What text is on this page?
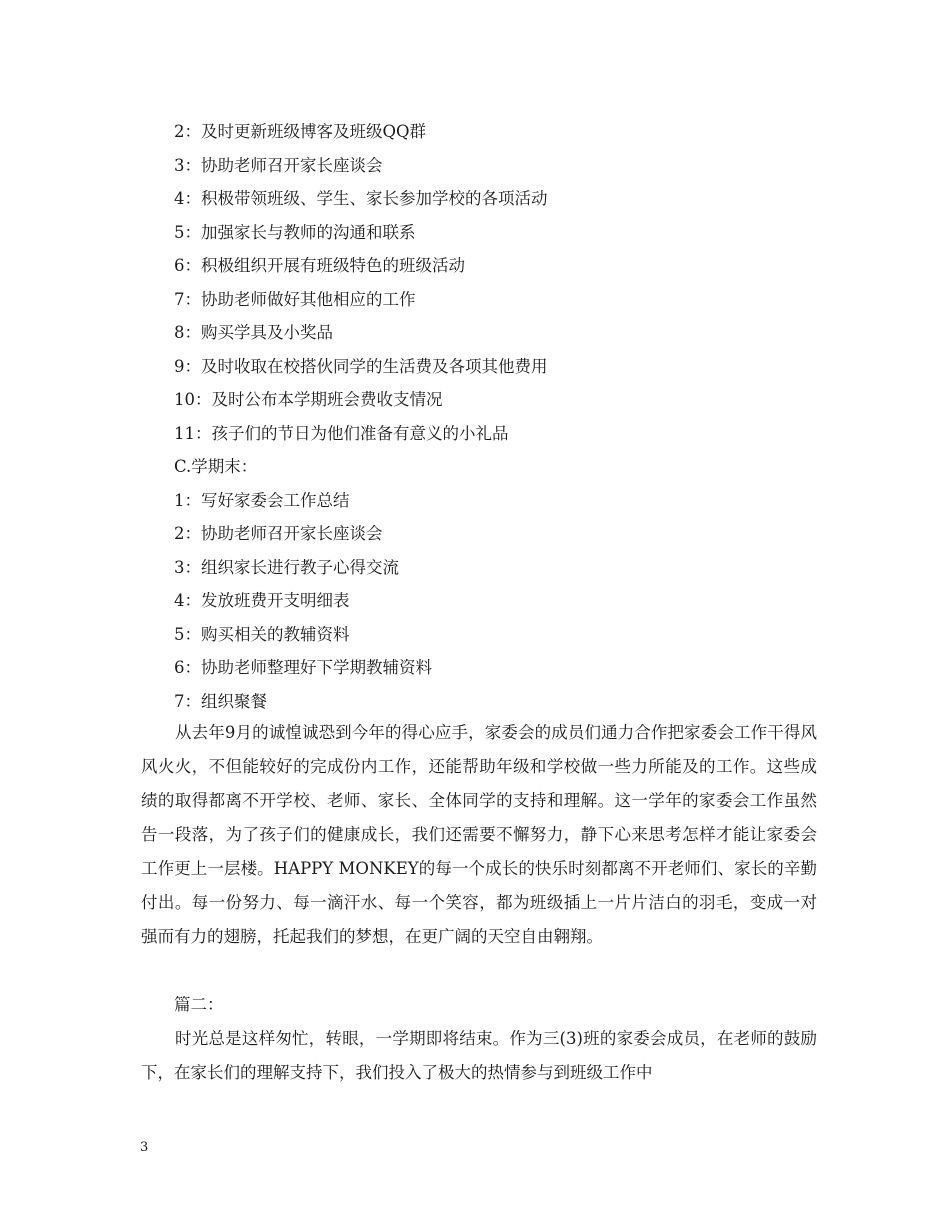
2：及时更新班级博客及班级QQ群
3：协助老师召开家长座谈会
4：积极带领班级、学生、家长参加学校的各项活动
5：加强家长与教师的沟通和联系
6：积极组织开展有班级特色的班级活动
7：协助老师做好其他相应的工作
8：购买学具及小奖品
9：及时收取在校搭伙同学的生活费及各项其他费用
10：及时公布本学期班会费收支情况
11：孩子们的节日为他们准备有意义的小礼品
C.学期末：
1：写好家委会工作总结
2：协助老师召开家长座谈会
3：组织家长进行教子心得交流
4：发放班费开支明细表
5：购买相关的教辅资料
6：协助老师整理好下学期教辅资料
7：组织聚餐

从去年9月的诚惶诚恐到今年的得心应手，家委会的成员们通力合作把家委会工作干得风风火火，不但能较好的完成份内工作，还能帮助年级和学校做一些力所能及的工作。这些成绩的取得都离不开学校、老师、家长、全体同学的支持和理解。这一学年的家委会工作虽然告一段落，为了孩子们的健康成长，我们还需要不懈努力，静下心来思考怎样才能让家委会工作更上一层楼。HAPPY MONKEY的每一个成长的快乐时刻都离不开老师们、家长的辛勤付出。每一份努力、每一滴汗水、每一个笑容，都为班级插上一片片洁白的羽毛，变成一对强而有力的翅膀，托起我们的梦想，在更广阔的天空自由翱翔。

篇二：

时光总是这样匆忙，转眼，一学期即将结束。作为三(3)班的家委会成员，在老师的鼓励下，在家长们的理解支持下，我们投入了极大的热情参与到班级工作中

3
